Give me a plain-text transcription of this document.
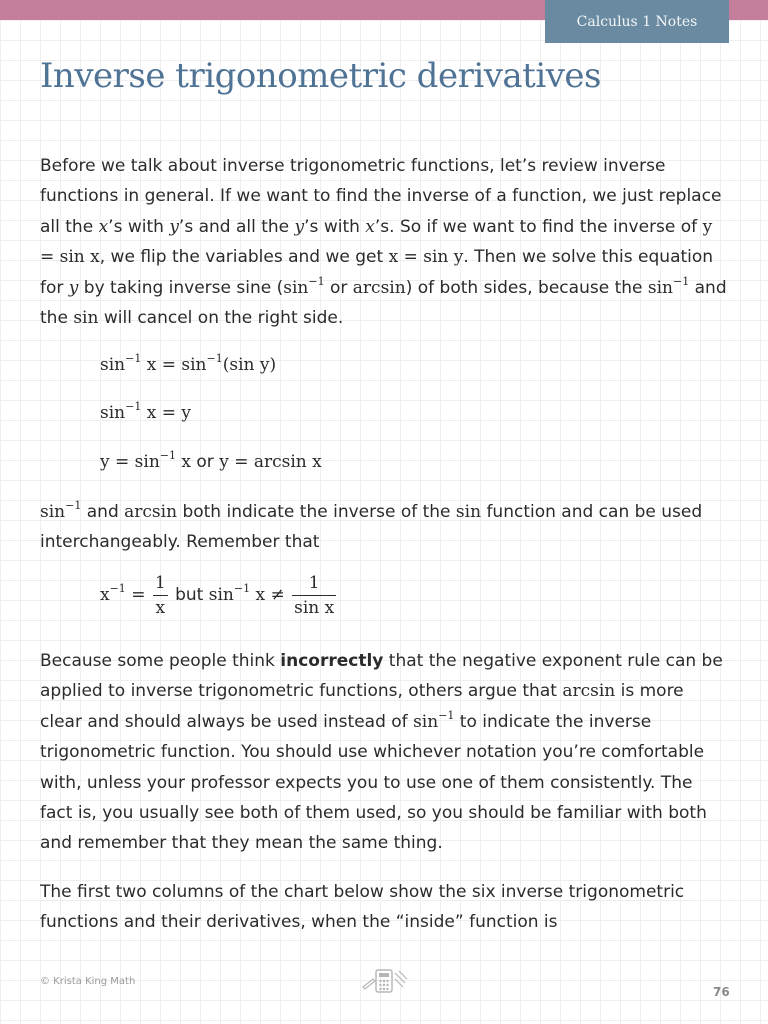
Calculus 1 Notes
Inverse trigonometric derivatives
Before we talk about inverse trigonometric functions, let’s review inverse functions in general. If we want to find the inverse of a function, we just replace all the x’s with y’s and all the y’s with x’s. So if we want to find the inverse of y = sin x, we flip the variables and we get x = sin y. Then we solve this equation for y by taking inverse sine ($\sin^{-1}$ or arcsin) of both sides, because the $\sin^{-1}$ and the sin will cancel on the right side.
$\sin^{-1} x = \sin^{-1}(\sin$ y)
$\sin^{-1} x = y$
$y = \sin^{-1} x$ or y = arcsin x
$\sin^{-1}$ and arcsin both indicate the inverse of the sin function and can be used interchangeably. Remember that
$x^{-1} = \frac{1}{x}$ but $\sin^{-1} x \ne \frac{1}{\text{sin x}}$
Because some people think incorrectly that the negative exponent rule can be applied to inverse trigonometric functions, others argue that arcsin is more clear and should always be used instead of $\sin^{-1}$ to indicate the inverse trigonometric function. You should use whichever notation you’re comfortable with, unless your professor expects you to use one of them consistently. The fact is, you usually see both of them used, so you should be familiar with both and remember that they mean the same thing.
The first two columns of the chart below show the six inverse trigonometric functions and their derivatives, when the “inside” function is
© Krista King Math
76
